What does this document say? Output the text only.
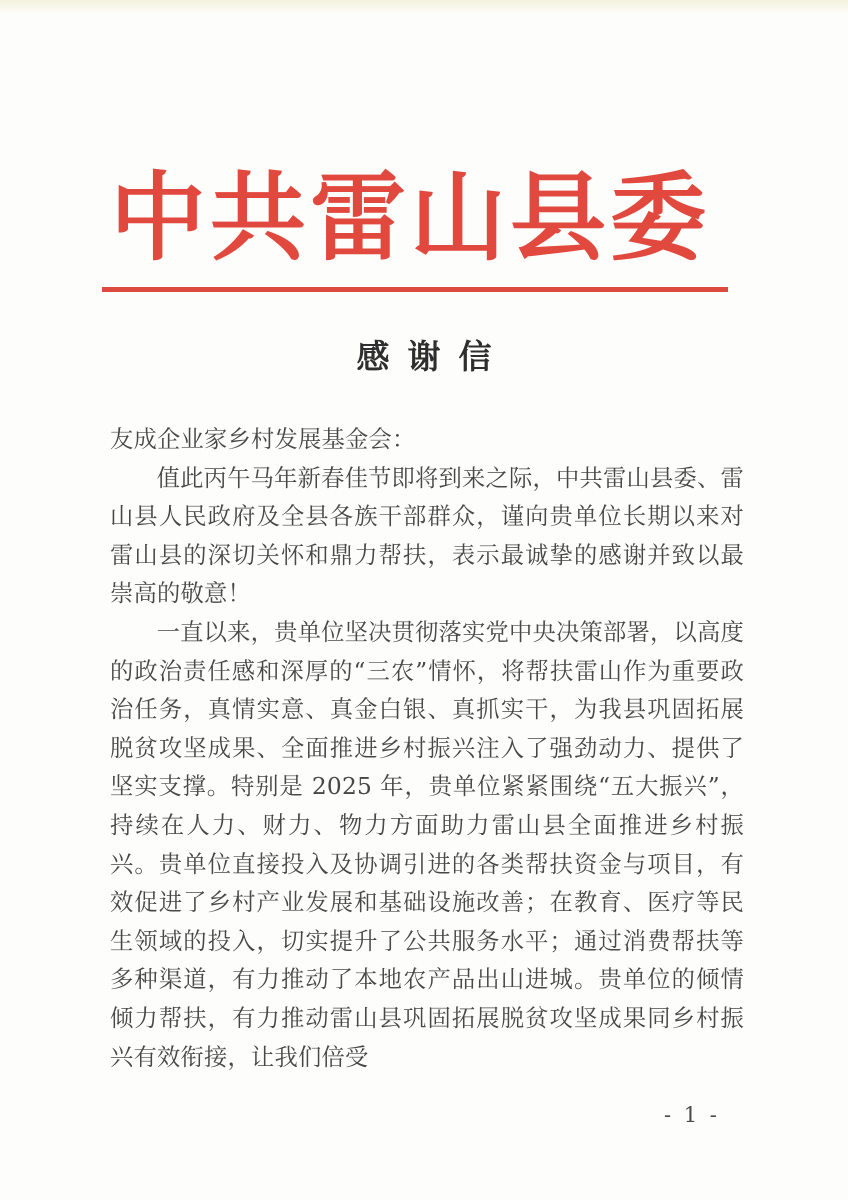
中共雷山县委
感谢信

友成企业家乡村发展基金会：

值此丙午马年新春佳节即将到来之际，中共雷山县委、雷山县人民政府及全县各族干部群众，谨向贵单位长期以来对雷山县的深切关怀和鼎力帮扶，表示最诚挚的感谢并致以最崇高的敬意！

一直以来，贵单位坚决贯彻落实党中央决策部署，以高度的政治责任感和深厚的“三农”情怀，将帮扶雷山作为重要政治任务，真情实意、真金白银、真抓实干，为我县巩固拓展脱贫攻坚成果、全面推进乡村振兴注入了强劲动力、提供了坚实支撑。特别是 2025 年，贵单位紧紧围绕“五大振兴”，持续在人力、财力、物力方面助力雷山县全面推进乡村振兴。贵单位直接投入及协调引进的各类帮扶资金与项目，有效促进了乡村产业发展和基础设施改善；在教育、医疗等民生领域的投入，切实提升了公共服务水平；通过消费帮扶等多种渠道，有力推动了本地农产品出山进城。贵单位的倾情倾力帮扶，有力推动雷山县巩固拓展脱贫攻坚成果同乡村振兴有效衔接，让我们倍受

- 1 -
